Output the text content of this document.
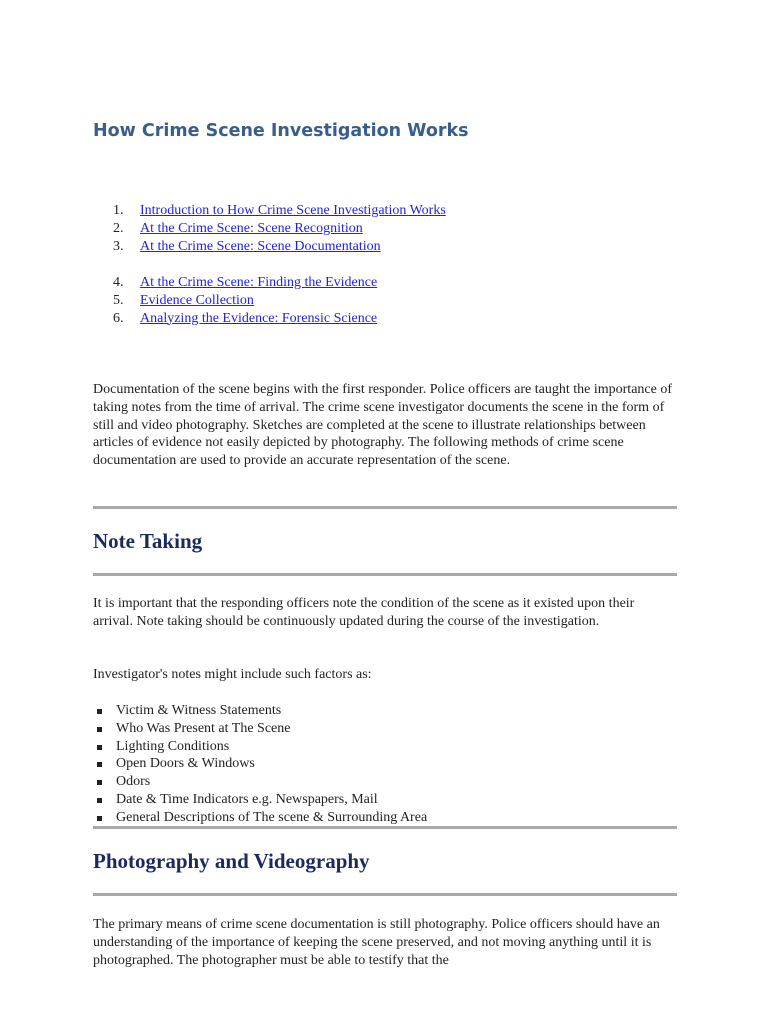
How Crime Scene Investigation Works
1. Introduction to How Crime Scene Investigation Works
2. At the Crime Scene: Scene Recognition
3. At the Crime Scene: Scene Documentation
4. At the Crime Scene: Finding the Evidence
5. Evidence Collection
6. Analyzing the Evidence: Forensic Science

Documentation of the scene begins with the first responder. Police officers are taught the importance of taking notes from the time of arrival. The crime scene investigator documents the scene in the form of still and video photography. Sketches are completed at the scene to illustrate relationships between articles of evidence not easily depicted by photography. The following methods of crime scene documentation are used to provide an accurate representation of the scene.

Note Taking

It is important that the responding officers note the condition of the scene as it existed upon their arrival. Note taking should be continuously updated during the course of the investigation.

Investigator's notes might include such factors as:

Victim & Witness Statements
Who Was Present at The Scene
Lighting Conditions
Open Doors & Windows
Odors
Date & Time Indicators e.g. Newspapers, Mail
General Descriptions of The scene & Surrounding Area
Photography and Videography

The primary means of crime scene documentation is still photography. Police officers should have an understanding of the importance of keeping the scene preserved, and not moving anything until it is photographed. The photographer must be able to testify that the
